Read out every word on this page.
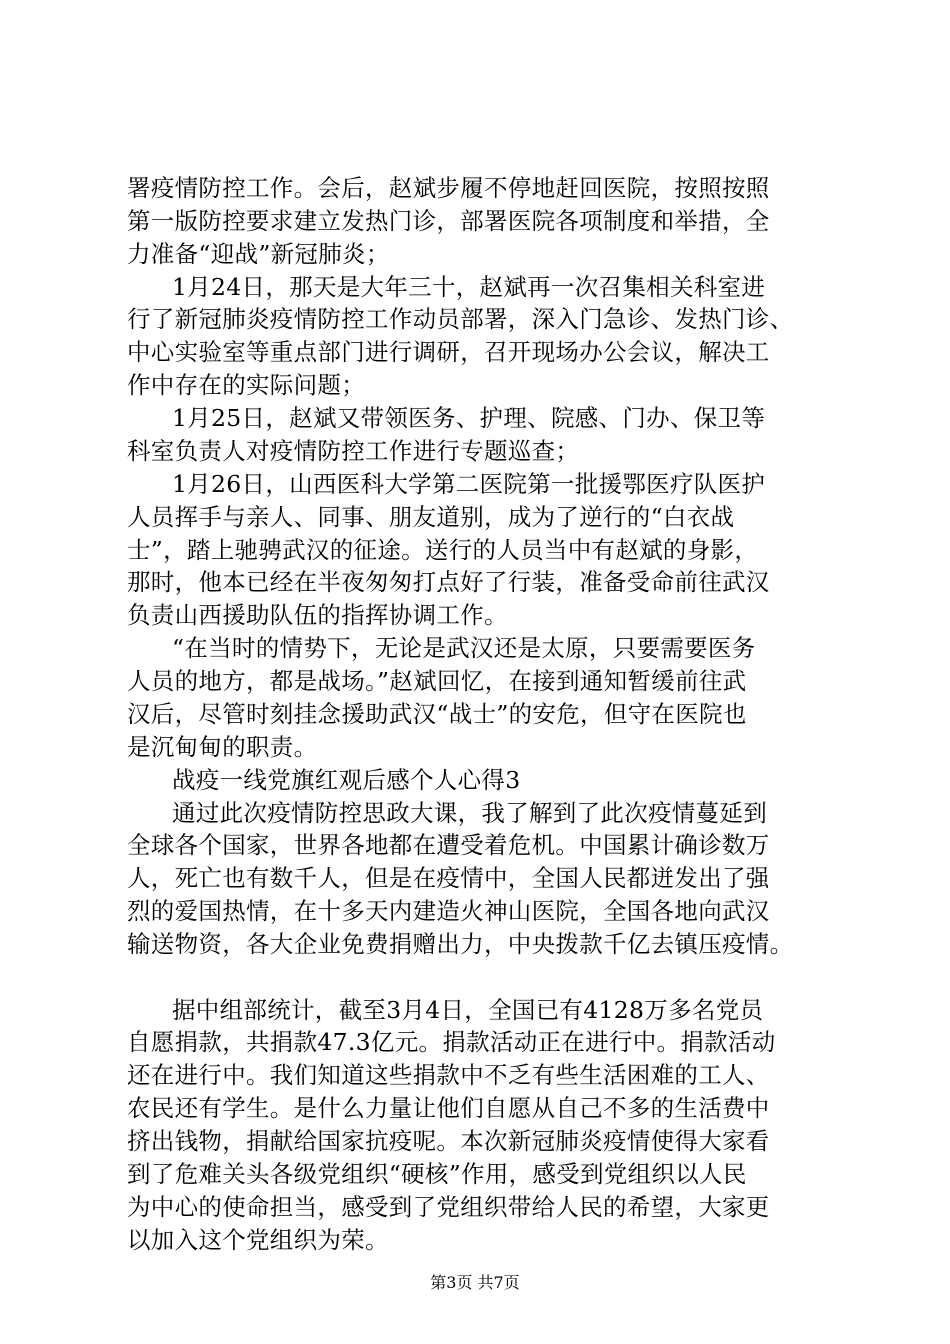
署疫情防控工作。会后，赵斌步履不停地赶回医院，按照按照
第一版防控要求建立发热门诊，部署医院各项制度和举措，全
力准备“迎战”新冠肺炎；
1月24日，那天是大年三十，赵斌再一次召集相关科室进
行了新冠肺炎疫情防控工作动员部署，深入门急诊、发热门诊、
中心实验室等重点部门进行调研，召开现场办公会议，解决工
作中存在的实际问题；
1月25日，赵斌又带领医务、护理、院感、门办、保卫等
科室负责人对疫情防控工作进行专题巡查；
1月26日，山西医科大学第二医院第一批援鄂医疗队医护
人员挥手与亲人、同事、朋友道别，成为了逆行的“白衣战
士”，踏上驰骋武汉的征途。送行的人员当中有赵斌的身影，
那时，他本已经在半夜匆匆打点好了行装，准备受命前往武汉
负责山西援助队伍的指挥协调工作。
“在当时的情势下，无论是武汉还是太原，只要需要医务
人员的地方，都是战场。”赵斌回忆，在接到通知暂缓前往武
汉后，尽管时刻挂念援助武汉“战士”的安危，但守在医院也
是沉甸甸的职责。
战疫一线党旗红观后感个人心得3
通过此次疫情防控思政大课，我了解到了此次疫情蔓延到
全球各个国家，世界各地都在遭受着危机。中国累计确诊数万
人，死亡也有数千人，但是在疫情中，全国人民都迸发出了强
烈的爱国热情，在十多天内建造火神山医院，全国各地向武汉
输送物资，各大企业免费捐赠出力，中央拨款千亿去镇压疫情。
据中组部统计，截至3月4日，全国已有4128万多名党员
自愿捐款，共捐款47.3亿元。捐款活动正在进行中。捐款活动
还在进行中。我们知道这些捐款中不乏有些生活困难的工人、
农民还有学生。是什么力量让他们自愿从自己不多的生活费中
挤出钱物，捐献给国家抗疫呢。本次新冠肺炎疫情使得大家看
到了危难关头各级党组织“硬核”作用，感受到党组织以人民
为中心的使命担当，感受到了党组织带给人民的希望，大家更
以加入这个党组织为荣。
第3页 共7页
